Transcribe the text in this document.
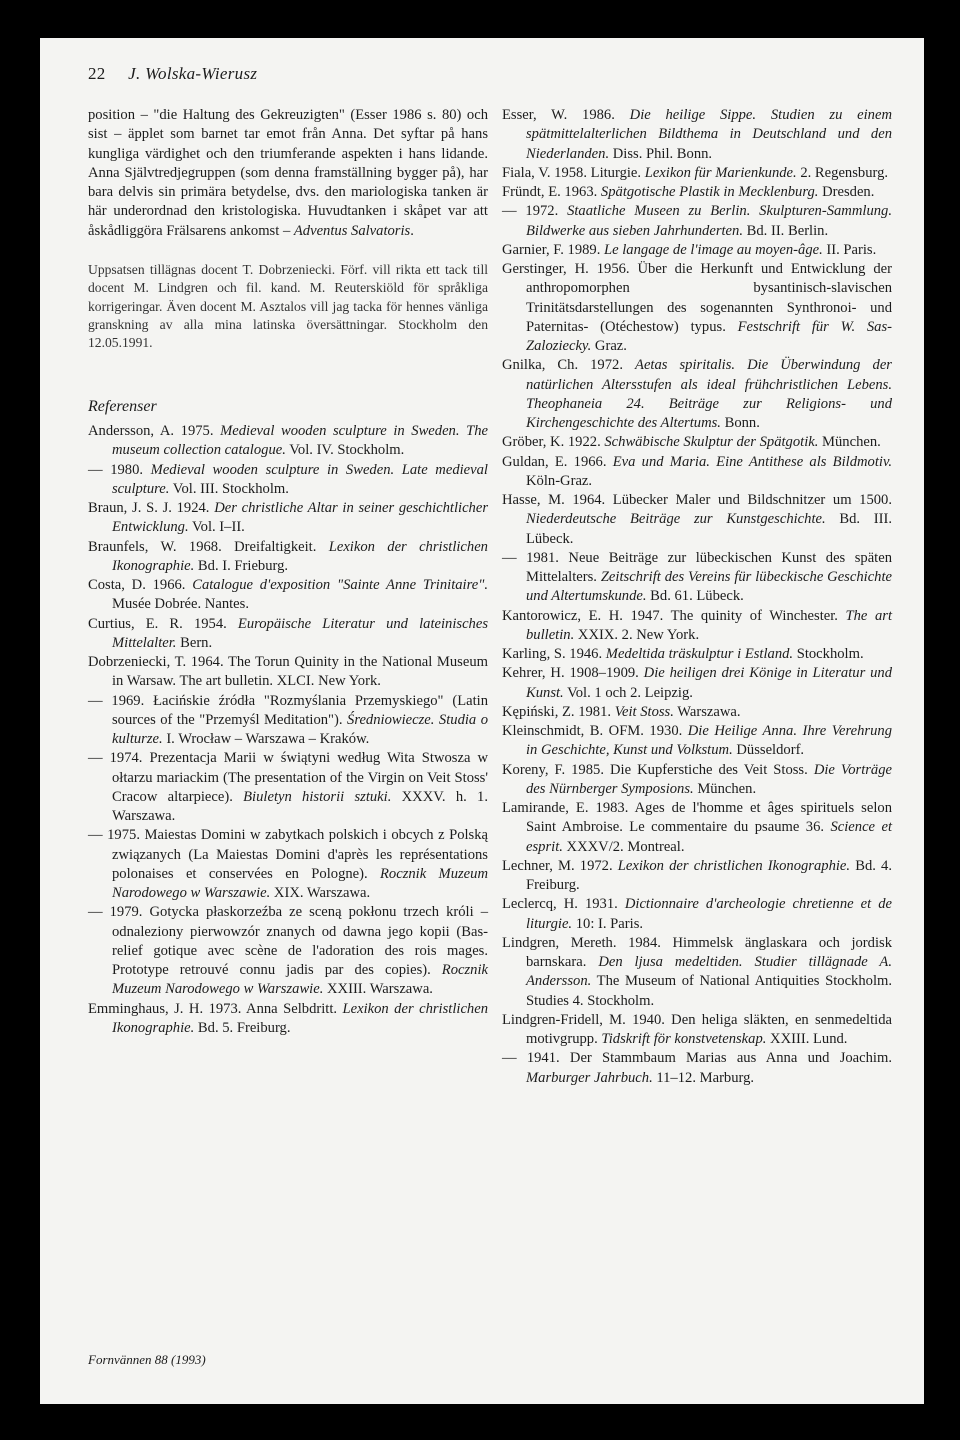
22 J. Wolska-Wierusz

position – "die Haltung des Gekreuzigten" (Esser 1986 s. 80) och sist – äpplet som barnet tar emot från Anna. Det syftar på hans kungliga värdighet och den triumferande aspekten i hans lidande. Anna Självtredjegruppen (som denna framställning bygger på), har bara delvis sin primära betydelse, dvs. den mariologiska tanken är här underordnad den kristologiska. Huvudtanken i skåpet var att åskådliggöra Frälsarens ankomst – Adventus Salvatoris.

Uppsatsen tillägnas docent T. Dobrzeniecki. Förf. vill rikta ett tack till docent M. Lindgren och fil. kand. M. Reuterskiöld för språkliga korrigeringar. Även docent M. Asztalos vill jag tacka för hennes vänliga granskning av alla mina latinska översättningar. Stockholm den 12.05.1991.

Referenser

Andersson, A. 1975. Medieval wooden sculpture in Sweden. The museum collection catalogue. Vol. IV. Stockholm.

— 1980. Medieval wooden sculpture in Sweden. Late medieval sculpture. Vol. III. Stockholm.

Braun, J. S. J. 1924. Der christliche Altar in seiner geschichtlicher Entwicklung. Vol. I–II.

Braunfels, W. 1968. Dreifaltigkeit. Lexikon der christlichen Ikonographie. Bd. I. Frieburg.

Costa, D. 1966. Catalogue d'exposition "Sainte Anne Trinitaire". Musée Dobrée. Nantes.

Curtius, E. R. 1954. Europäische Literatur und lateinisches Mittelalter. Bern.

Dobrzeniecki, T. 1964. The Torun Quinity in the National Museum in Warsaw. The art bulletin. XLCI. New York.

— 1969. Łacińskie źródła "Rozmyślania Przemyskiego" (Latin sources of the "Przemyśl Meditation"). Średniowiecze. Studia o kulturze. I. Wrocław – Warszawa – Kraków.

— 1974. Prezentacja Marii w świątyni według Wita Stwosza w ołtarzu mariackim (The presentation of the Virgin on Veit Stoss' Cracow altarpiece). Biuletyn historii sztuki. XXXV. h. 1. Warszawa.

— 1975. Maiestas Domini w zabytkach polskich i obcych z Polską związanych (La Maiestas Domini d'après les représentations polonaises et conservées en Pologne). Rocznik Muzeum Narodowego w Warszawie. XIX. Warszawa.

— 1979. Gotycka płaskorzeźba ze sceną pokłonu trzech króli – odnaleziony pierwowzór znanych od dawna jego kopii (Bas-relief gotique avec scène de l'adoration des rois mages. Prototype retrouvé connu jadis par des copies). Rocznik Muzeum Narodowego w Warszawie. XXIII. Warszawa.

Emminghaus, J. H. 1973. Anna Selbdritt. Lexikon der christlichen Ikonographie. Bd. 5. Freiburg.

Esser, W. 1986. Die heilige Sippe. Studien zu einem spätmittelalterlichen Bildthema in Deutschland und den Niederlanden. Diss. Phil. Bonn.

Fiala, V. 1958. Liturgie. Lexikon für Marienkunde. 2. Regensburg.

Fründt, E. 1963. Spätgotische Plastik in Mecklenburg. Dresden.

— 1972. Staatliche Museen zu Berlin. Skulpturen-Sammlung. Bildwerke aus sieben Jahrhunderten. Bd. II. Berlin.

Garnier, F. 1989. Le langage de l'image au moyen-âge. II. Paris.

Gerstinger, H. 1956. Über die Herkunft und Entwicklung der anthropomorphen bysantinisch-slavischen Trinitätsdarstellungen des sogenannten Synthronoi- und Paternitas- (Otéchestow) typus. Festschrift für W. Sas-Zaloziecky. Graz.

Gnilka, Ch. 1972. Aetas spiritalis. Die Überwindung der natürlichen Altersstufen als ideal frühchristlichen Lebens. Theophaneia 24. Beiträge zur Religions- und Kirchengeschichte des Altertums. Bonn.

Gröber, K. 1922. Schwäbische Skulptur der Spätgotik. München.

Guldan, E. 1966. Eva und Maria. Eine Antithese als Bildmotiv. Köln-Graz.

Hasse, M. 1964. Lübecker Maler und Bildschnitzer um 1500. Niederdeutsche Beiträge zur Kunstgeschichte. Bd. III. Lübeck.

— 1981. Neue Beiträge zur lübeckischen Kunst des späten Mittelalters. Zeitschrift des Vereins für lübeckische Geschichte und Altertumskunde. Bd. 61. Lübeck.

Kantorowicz, E. H. 1947. The quinity of Winchester. The art bulletin. XXIX. 2. New York.

Karling, S. 1946. Medeltida träskulptur i Estland. Stockholm.

Kehrer, H. 1908–1909. Die heiligen drei Könige in Literatur und Kunst. Vol. 1 och 2. Leipzig.

Kępiński, Z. 1981. Veit Stoss. Warszawa.

Kleinschmidt, B. OFM. 1930. Die Heilige Anna. Ihre Verehrung in Geschichte, Kunst und Volkstum. Düsseldorf.

Koreny, F. 1985. Die Kupferstiche des Veit Stoss. Die Vorträge des Nürnberger Symposions. München.

Lamirande, E. 1983. Ages de l'homme et âges spirituels selon Saint Ambroise. Le commentaire du psaume 36. Science et esprit. XXXV/2. Montreal.

Lechner, M. 1972. Lexikon der christlichen Ikonographie. Bd. 4. Freiburg.

Leclercq, H. 1931. Dictionnaire d'archeologie chretienne et de liturgie. 10: I. Paris.

Lindgren, Mereth. 1984. Himmelsk änglaskara och jordisk barnskara. Den ljusa medeltiden. Studier tillägnade A. Andersson. The Museum of National Antiquities Stockholm. Studies 4. Stockholm.

Lindgren-Fridell, M. 1940. Den heliga släkten, en senmedeltida motivgrupp. Tidskrift för konstvetenskap. XXIII. Lund.

— 1941. Der Stammbaum Marias aus Anna und Joachim. Marburger Jahrbuch. 11–12. Marburg.

Fornvännen 88 (1993)
